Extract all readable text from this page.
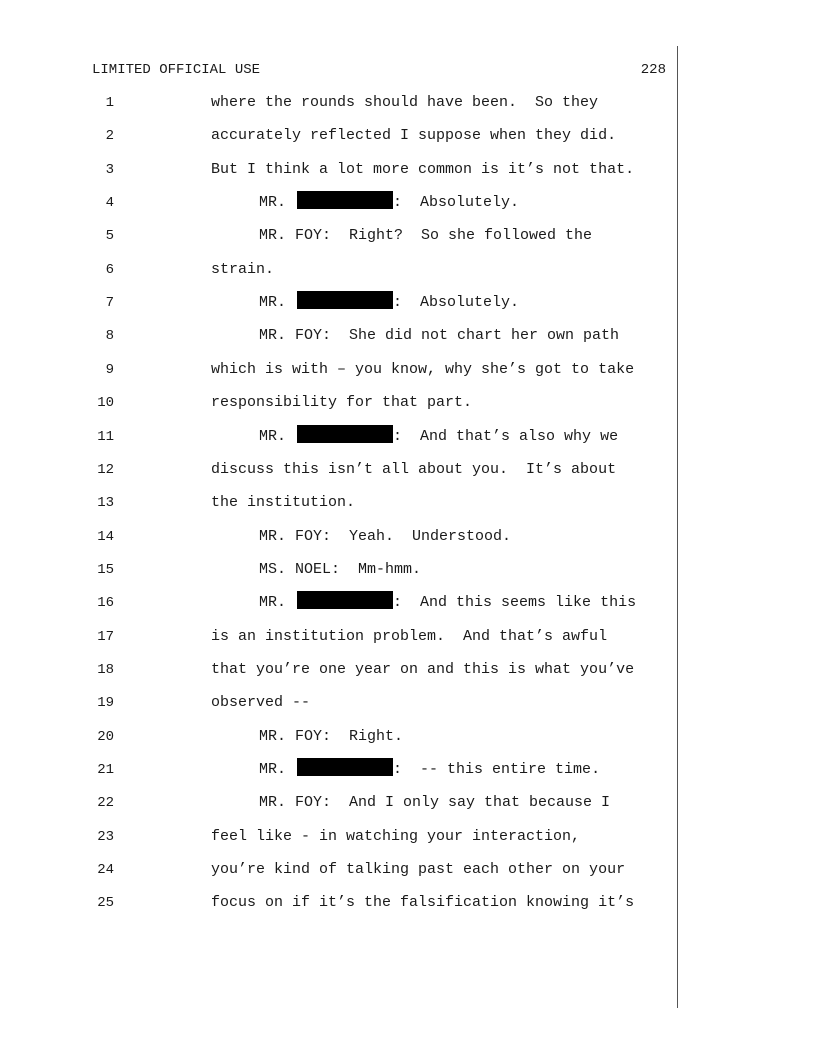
LIMITED OFFICIAL USE	228
1	where the rounds should have been.  So they
2	accurately reflected I suppose when they did.
3	But I think a lot more common is it’s not that.
4	MR.	:  Absolutely.
5	MR. FOY:  Right?  So she followed the
6	strain.
7	MR.	:  Absolutely.
8	MR. FOY:  She did not chart her own path
9	which is with – you know, why she’s got to take
10	responsibility for that part.
11	MR.	:  And that’s also why we
12	discuss this isn’t all about you.  It’s about
13	the institution.
14	MR. FOY:  Yeah.  Understood.
15	MS. NOEL:  Mm-hmm.
16	MR.	:  And this seems like this
17	is an institution problem.  And that’s awful
18	that you’re one year on and this is what you’ve
19	observed --
20	MR. FOY:  Right.
21	MR.	:  -- this entire time.
22	MR. FOY:  And I only say that because I
23	feel like - in watching your interaction,
24	you’re kind of talking past each other on your
25	focus on if it’s the falsification knowing it’s
